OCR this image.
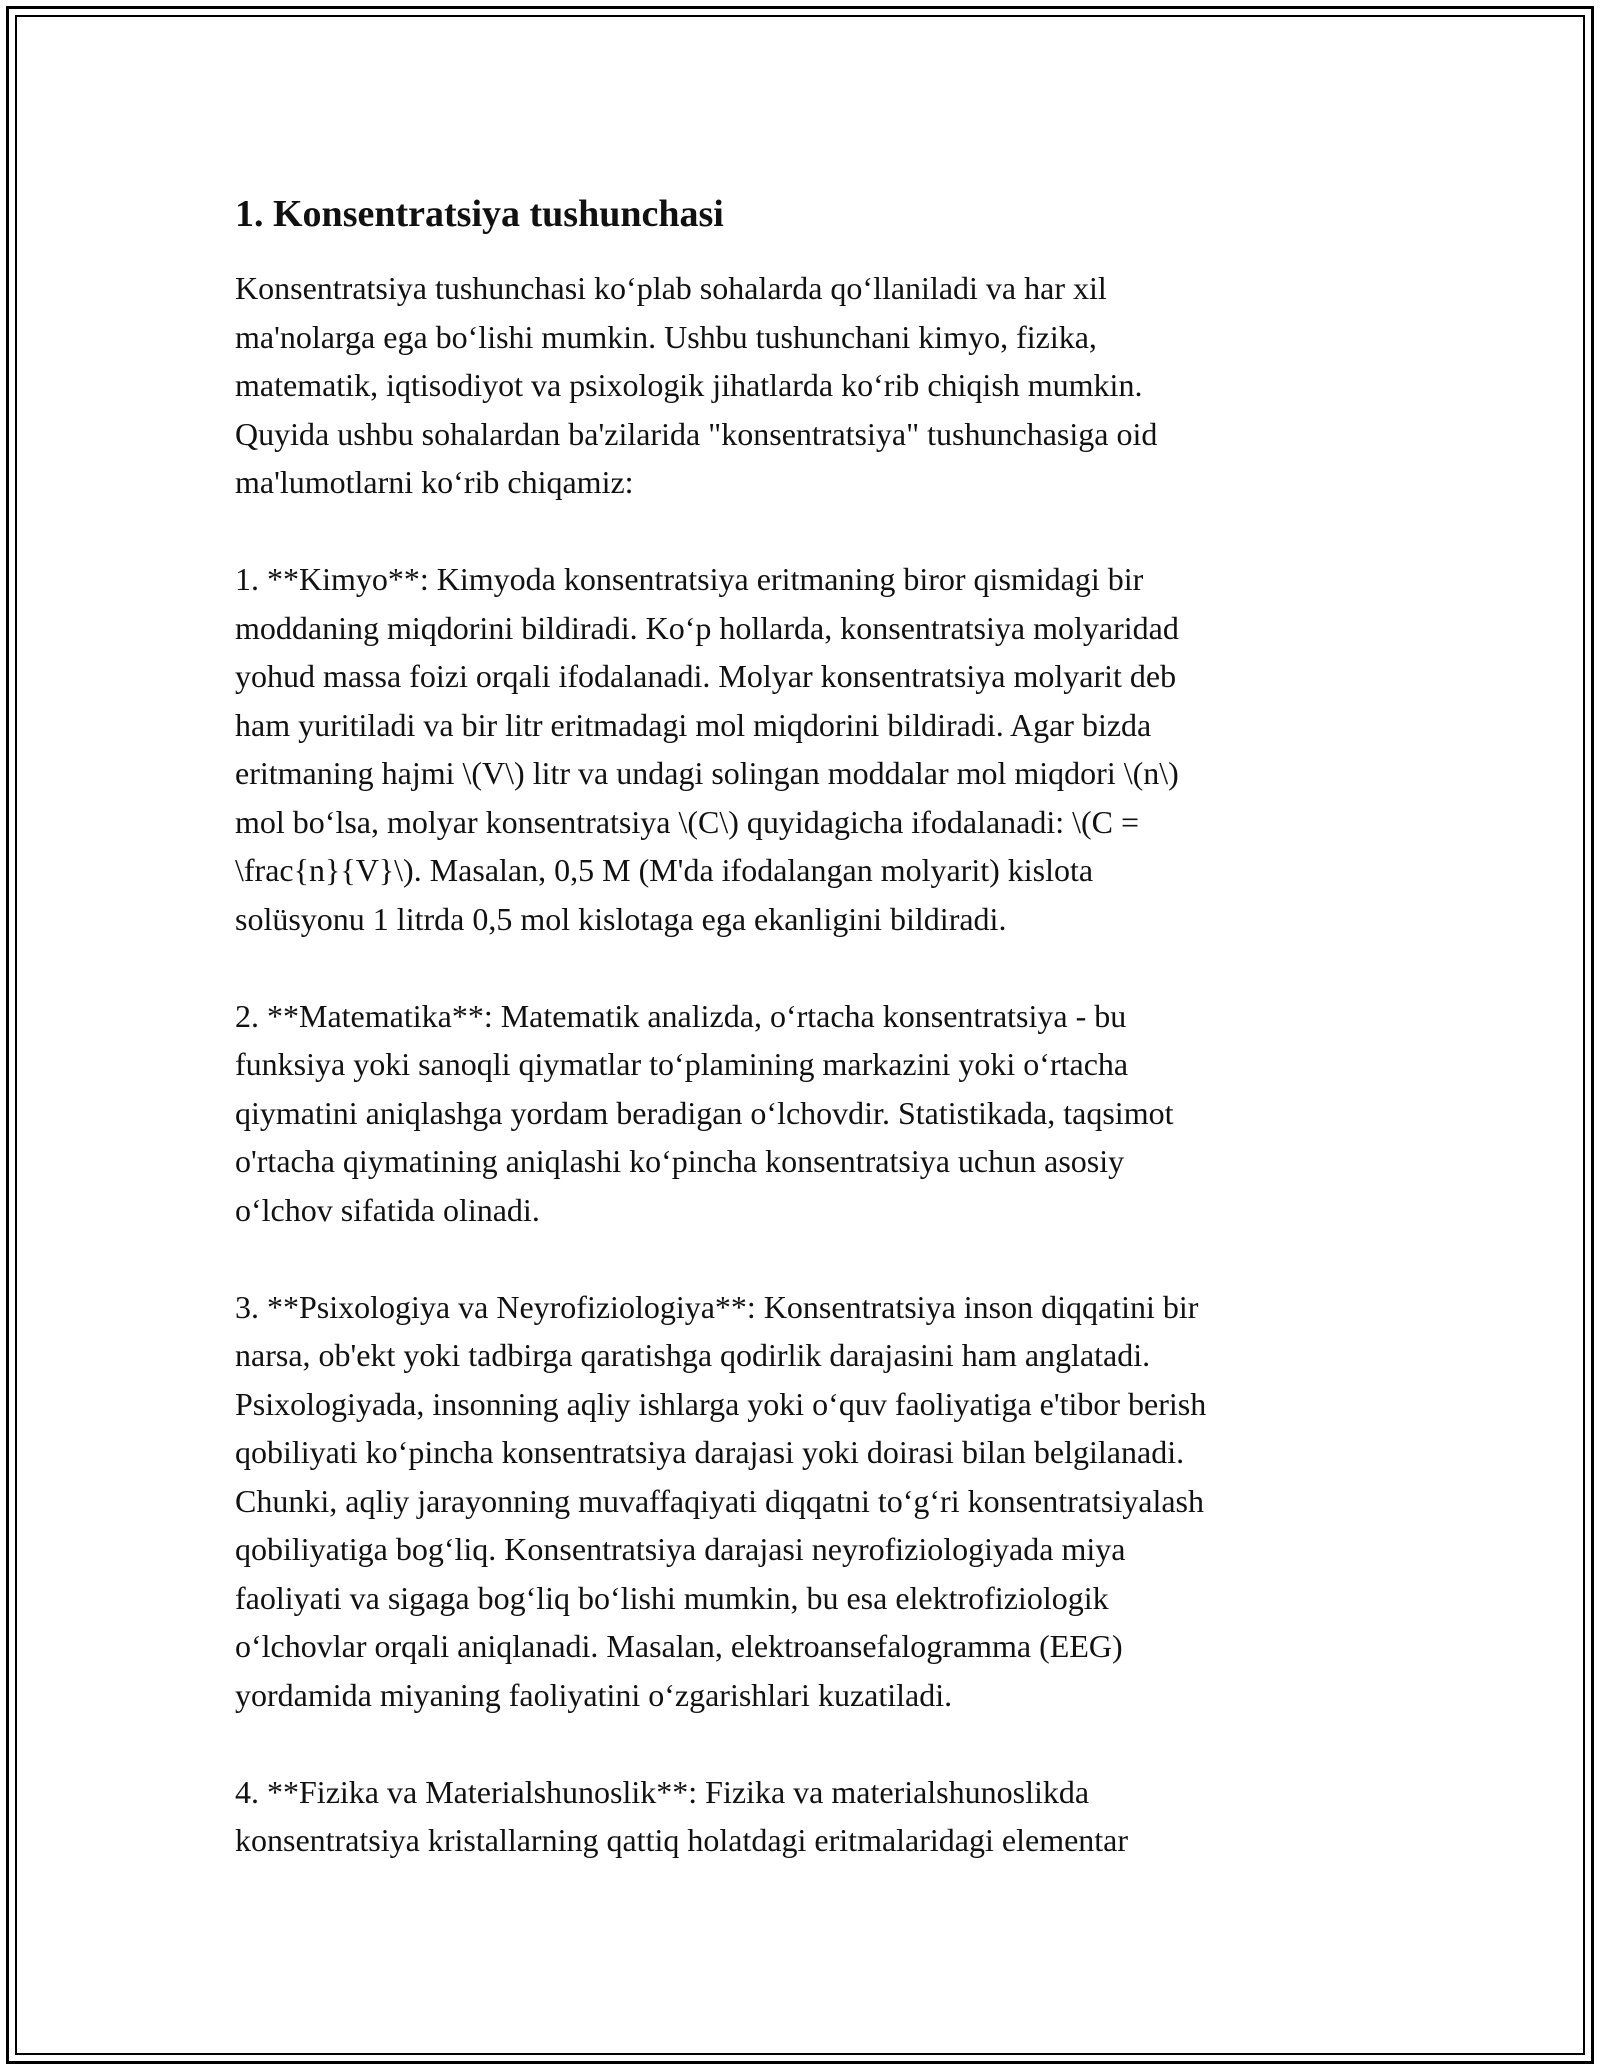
1. Konsentratsiya tushunchasi
Konsentratsiya tushunchasi ko‘plab sohalarda qo‘llaniladi va har xil
ma'nolarga ega bo‘lishi mumkin. Ushbu tushunchani kimyo, fizika,
matematik, iqtisodiyot va psixologik jihatlarda ko‘rib chiqish mumkin.
Quyida ushbu sohalardan ba'zilarida "konsentratsiya" tushunchasiga oid
ma'lumotlarni ko‘rib chiqamiz:
1. **Kimyo**: Kimyoda konsentratsiya eritmaning biror qismidagi bir
moddaning miqdorini bildiradi. Ko‘p hollarda, konsentratsiya molyaridad
yohud massa foizi orqali ifodalanadi. Molyar konsentratsiya molyarit deb
ham yuritiladi va bir litr eritmadagi mol miqdorini bildiradi. Agar bizda
eritmaning hajmi \(V\) litr va undagi solingan moddalar mol miqdori \(n\)
mol bo‘lsa, molyar konsentratsiya \(C\) quyidagicha ifodalanadi: \(C =
\frac{n}{V}\). Masalan, 0,5 M (M'da ifodalangan molyarit) kislota
solüsyonu 1 litrda 0,5 mol kislotaga ega ekanligini bildiradi.
2. **Matematika**: Matematik analizda, o‘rtacha konsentratsiya - bu
funksiya yoki sanoqli qiymatlar to‘plamining markazini yoki o‘rtacha
qiymatini aniqlashga yordam beradigan o‘lchovdir. Statistikada, taqsimot
o'rtacha qiymatining aniqlashi ko‘pincha konsentratsiya uchun asosiy
o‘lchov sifatida olinadi.
3. **Psixologiya va Neyrofiziologiya**: Konsentratsiya inson diqqatini bir
narsa, ob'ekt yoki tadbirga qaratishga qodirlik darajasini ham anglatadi.
Psixologiyada, insonning aqliy ishlarga yoki o‘quv faoliyatiga e'tibor berish
qobiliyati ko‘pincha konsentratsiya darajasi yoki doirasi bilan belgilanadi.
Chunki, aqliy jarayonning muvaffaqiyati diqqatni to‘g‘ri konsentratsiyalash
qobiliyatiga bog‘liq. Konsentratsiya darajasi neyrofiziologiyada miya
faoliyati va sigaga bog‘liq bo‘lishi mumkin, bu esa elektrofiziologik
o‘lchovlar orqali aniqlanadi. Masalan, elektroansefalogramma (EEG)
yordamida miyaning faoliyatini o‘zgarishlari kuzatiladi.
4. **Fizika va Materialshunoslik**: Fizika va materialshunoslikda
konsentratsiya kristallarning qattiq holatdagi eritmalaridagi elementar
